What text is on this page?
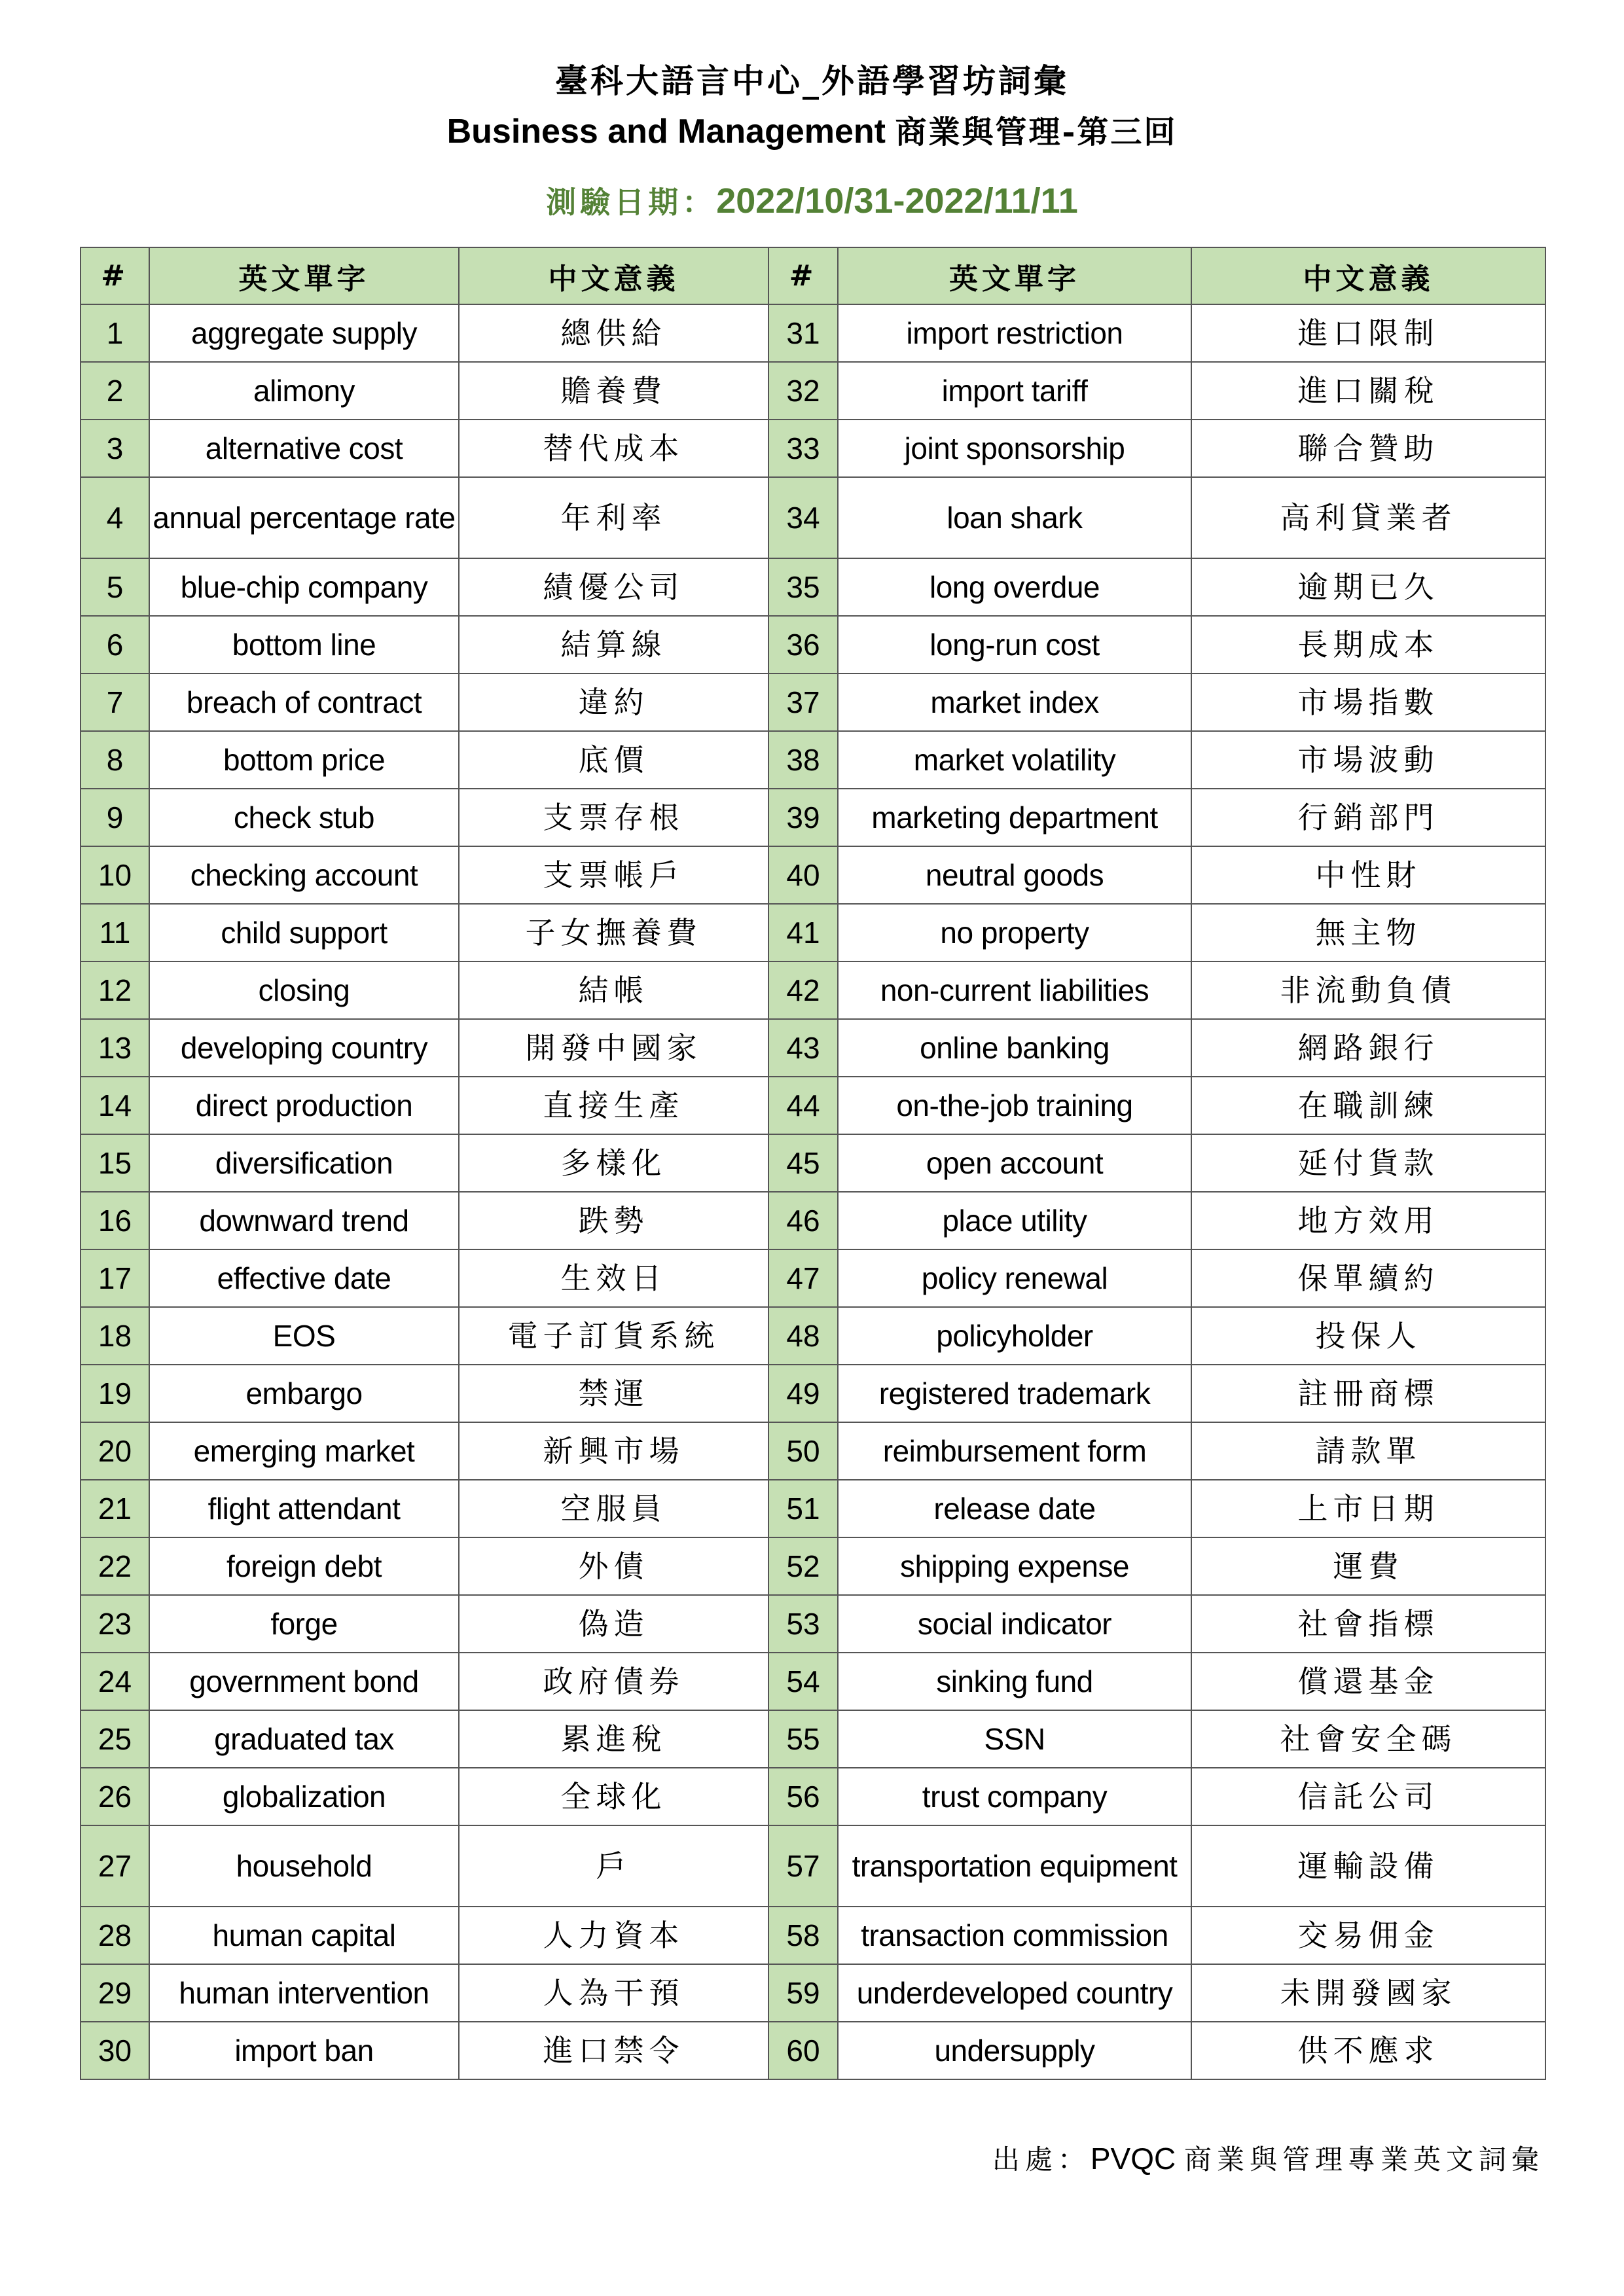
臺科大語言中心_外語學習坊詞彙
Business and Management 商業與管理-第三回
測驗日期：2022/10/31-2022/11/11
#	英文單字	中文意義	#	英文單字	中文意義
1	aggregate supply	總供給	31	import restriction	進口限制
2	alimony	贍養費	32	import tariff	進口關稅
3	alternative cost	替代成本	33	joint sponsorship	聯合贊助
4	annual percentage rate	年利率	34	loan shark	高利貸業者
5	blue-chip company	績優公司	35	long overdue	逾期已久
6	bottom line	結算線	36	long-run cost	長期成本
7	breach of contract	違約	37	market index	市場指數
8	bottom price	底價	38	market volatility	市場波動
9	check stub	支票存根	39	marketing department	行銷部門
10	checking account	支票帳戶	40	neutral goods	中性財
11	child support	子女撫養費	41	no property	無主物
12	closing	結帳	42	non-current liabilities	非流動負債
13	developing country	開發中國家	43	online banking	網路銀行
14	direct production	直接生產	44	on-the-job training	在職訓練
15	diversification	多樣化	45	open account	延付貨款
16	downward trend	跌勢	46	place utility	地方效用
17	effective date	生效日	47	policy renewal	保單續約
18	EOS	電子訂貨系統	48	policyholder	投保人
19	embargo	禁運	49	registered trademark	註冊商標
20	emerging market	新興市場	50	reimbursement form	請款單
21	flight attendant	空服員	51	release date	上市日期
22	foreign debt	外債	52	shipping expense	運費
23	forge	偽造	53	social indicator	社會指標
24	government bond	政府債券	54	sinking fund	償還基金
25	graduated tax	累進稅	55	SSN	社會安全碼
26	globalization	全球化	56	trust company	信託公司
27	household	戶	57	transportation equipment	運輸設備
28	human capital	人力資本	58	transaction commission	交易佣金
29	human intervention	人為干預	59	underdeveloped country	未開發國家
30	import ban	進口禁令	60	undersupply	供不應求
出處：PVQC 商業與管理專業英文詞彙
